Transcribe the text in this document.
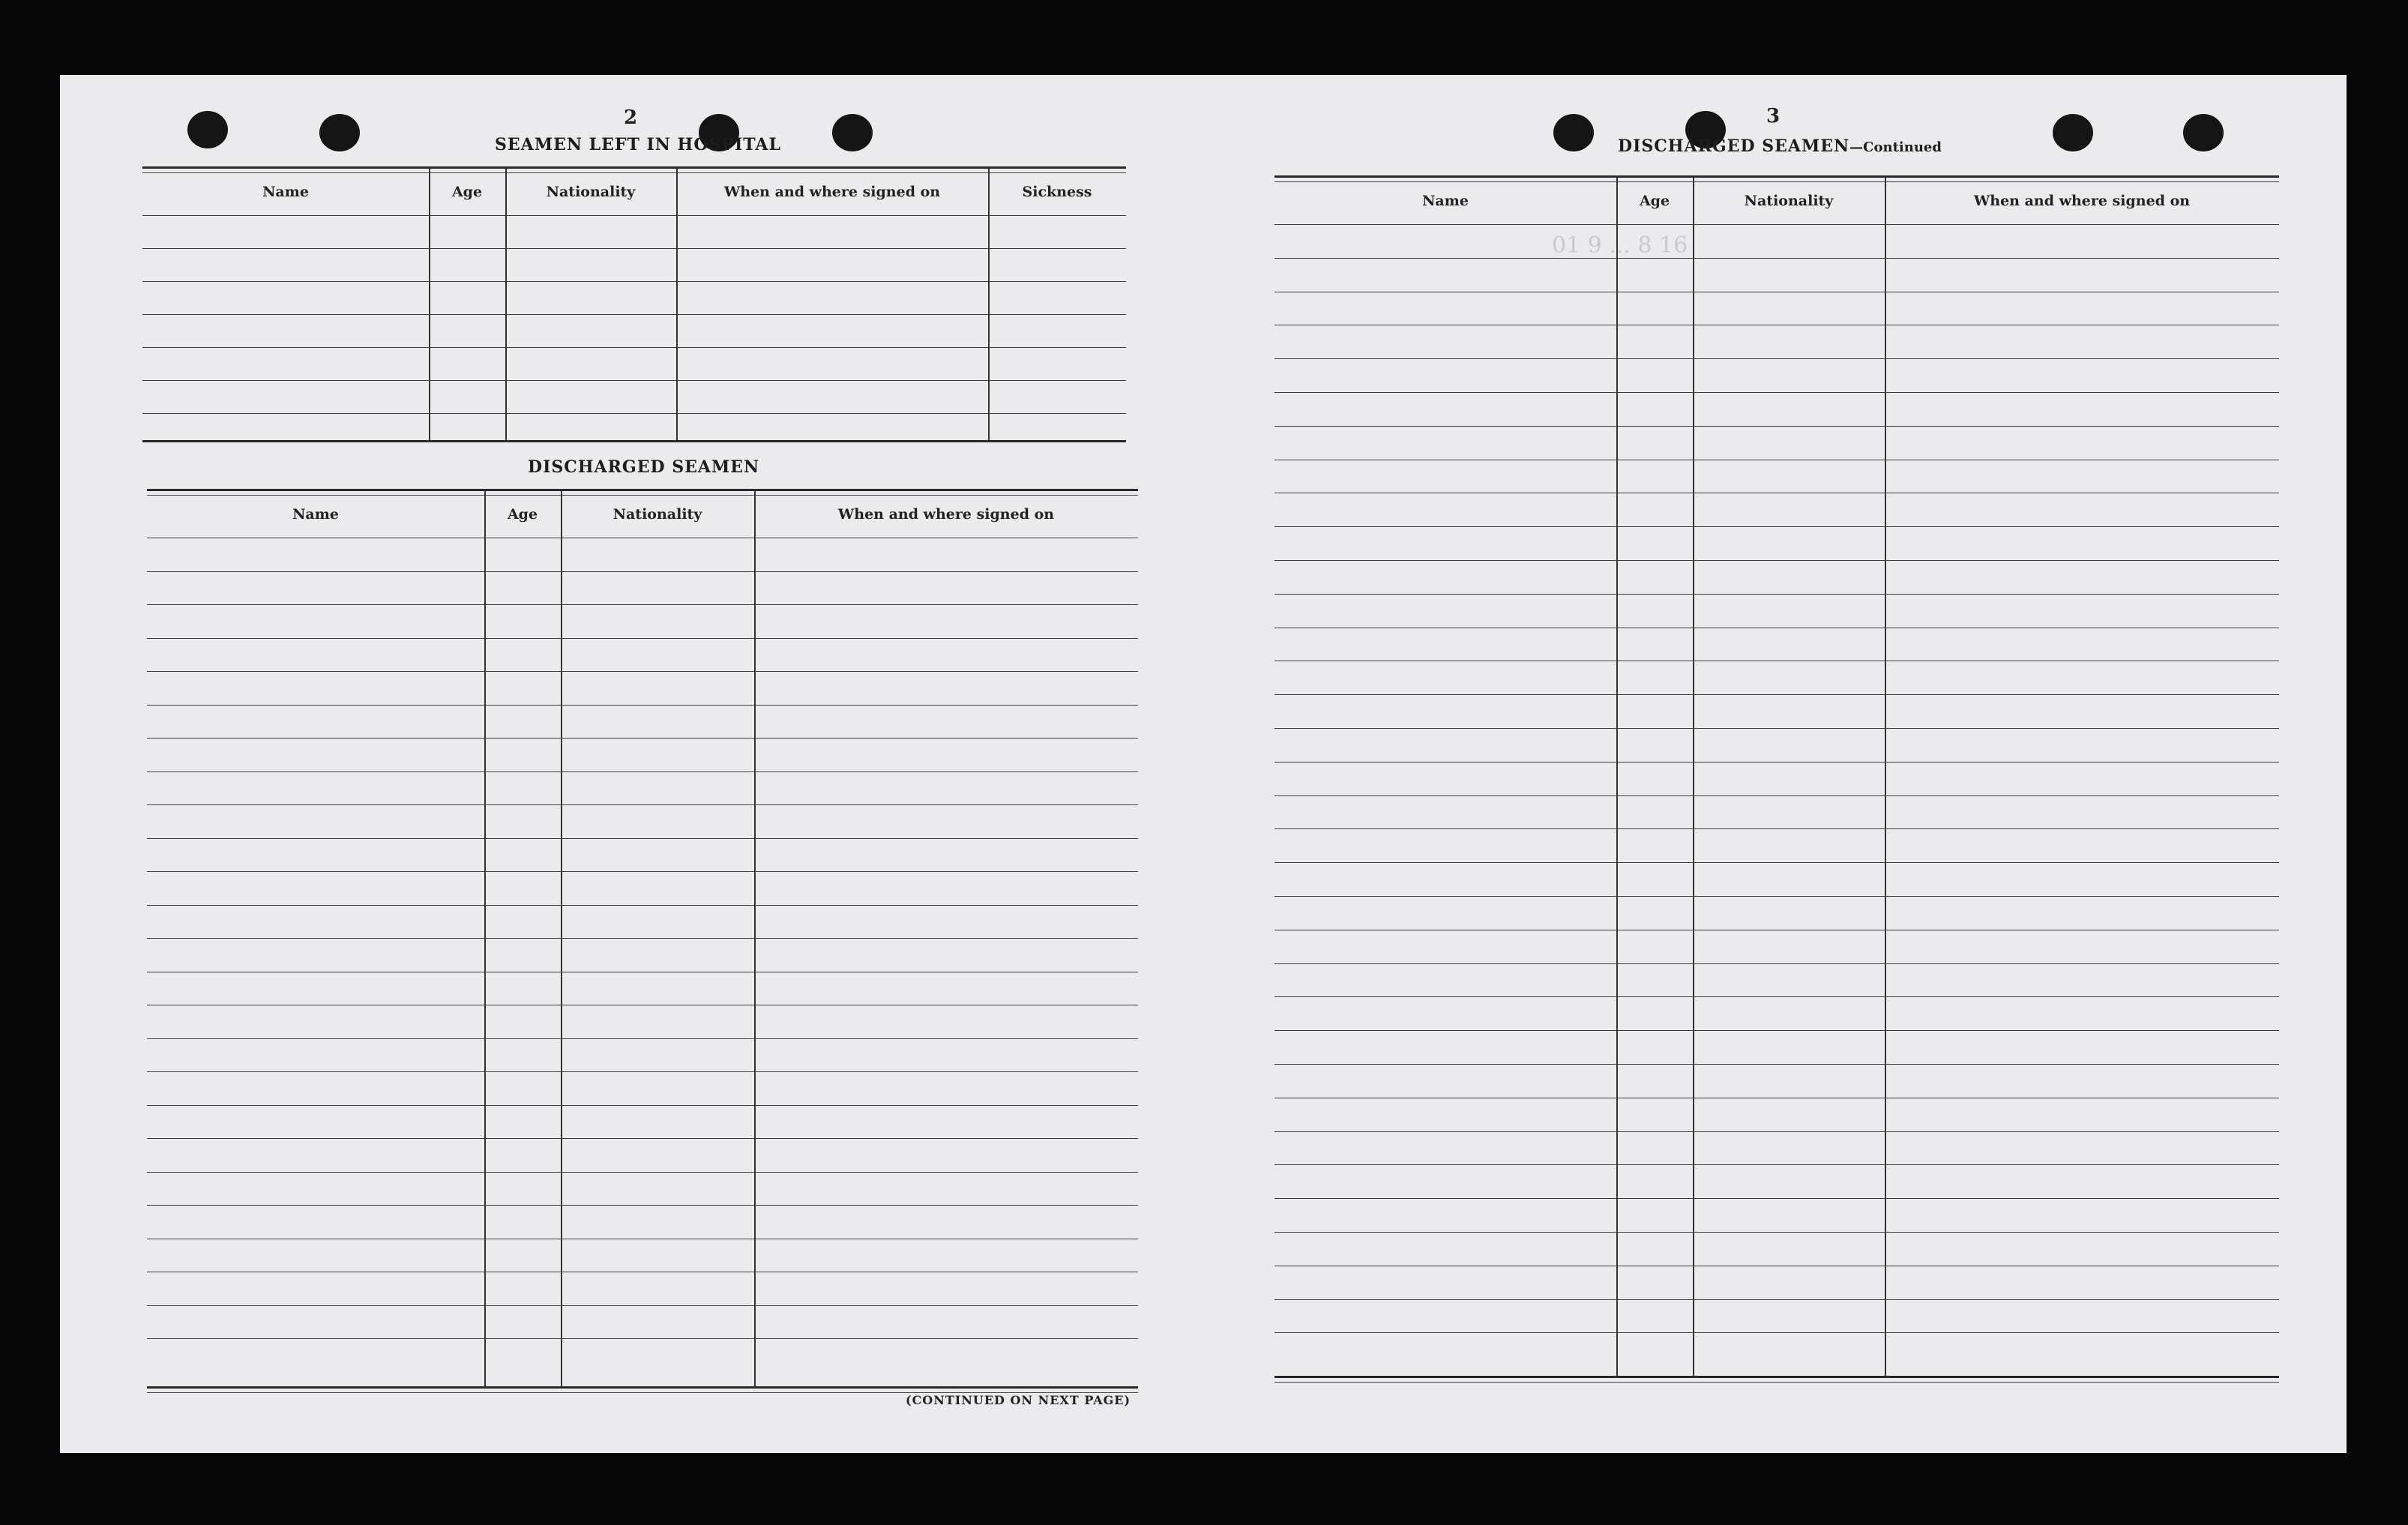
2
SEAMEN LEFT IN HOSPITAL
Name	Age	Nationality	When and where signed on	Sickness
DISCHARGED SEAMEN
Name	Age	Nationality	When and where signed on
(CONTINUED ON NEXT PAGE)
3
DISCHARGED SEAMEN—Continued
01 9 ... 8 16
Name	Age	Nationality	When and where signed on
